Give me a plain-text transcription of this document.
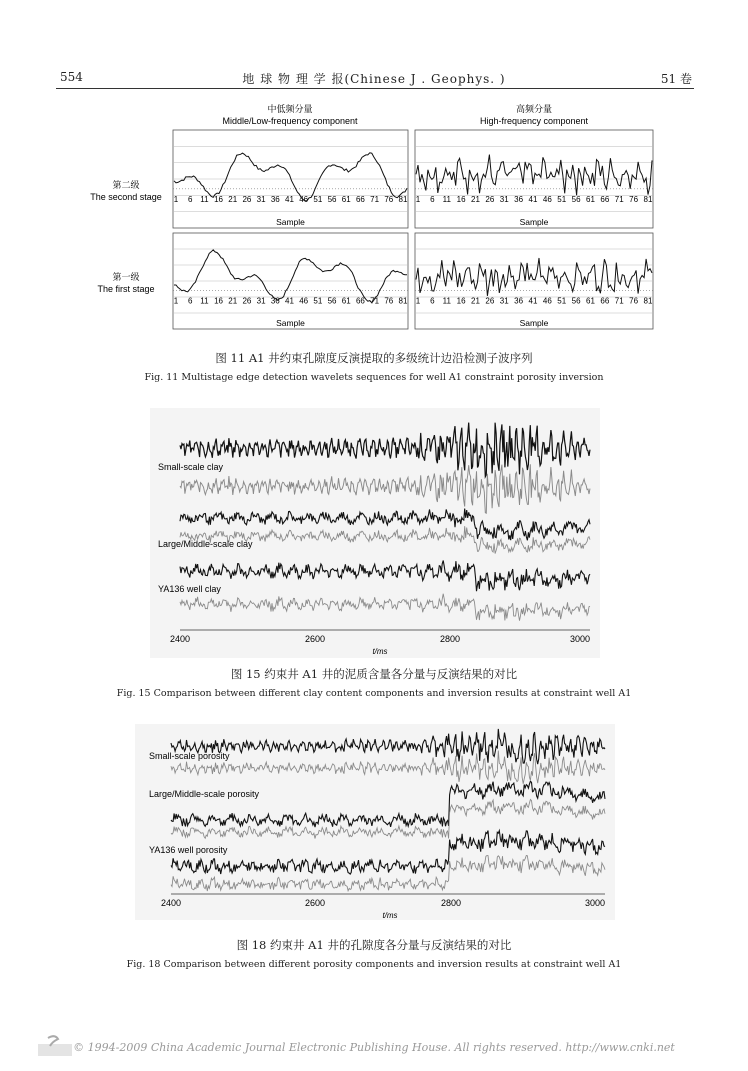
554	地 球 物 理 学 报(Chinese J . Geophys. )	51 卷
中低频分量
Middle/Low-frequency component
高频分量
High-frequency component
第二级
The second stage
第一级
The first stage
1 6 11 16 21 26 31 36 41 46 51 56 61 66 71 76 81
Sample
1 6 11 16 21 26 31 36 41 46 51 56 61 66 71 76 81
Sample
1 6 11 16 21 26 31 36 41 46 51 56 61 66 71 76 81
Sample
1 6 11 16 21 26 31 36 41 46 51 56 61 66 71 76 81
Sample
图 11 A1 井约束孔隙度反演提取的多级统计边沿检测子波序列
Fig. 11 Multistage edge detection wavelets sequences for well A1 constraint porosity inversion
Small-scale clay
Large/Middle-scale clay
YA136 well clay
2400	2600	2800	3000
t/ms
图 15 约束井 A1 井的泥质含量各分量与反演结果的对比
Fig. 15 Comparison between different clay content components and inversion results at constraint well A1
Small-scale porosity
Large/Middle-scale porosity
YA136 well porosity
2400	2600	2800	3000
t/ms
图 18 约束井 A1 井的孔隙度各分量与反演结果的对比
Fig. 18 Comparison between different porosity components and inversion results at constraint well A1
© 1994-2009 China Academic Journal Electronic Publishing House. All rights reserved. http://www.cnki.net
